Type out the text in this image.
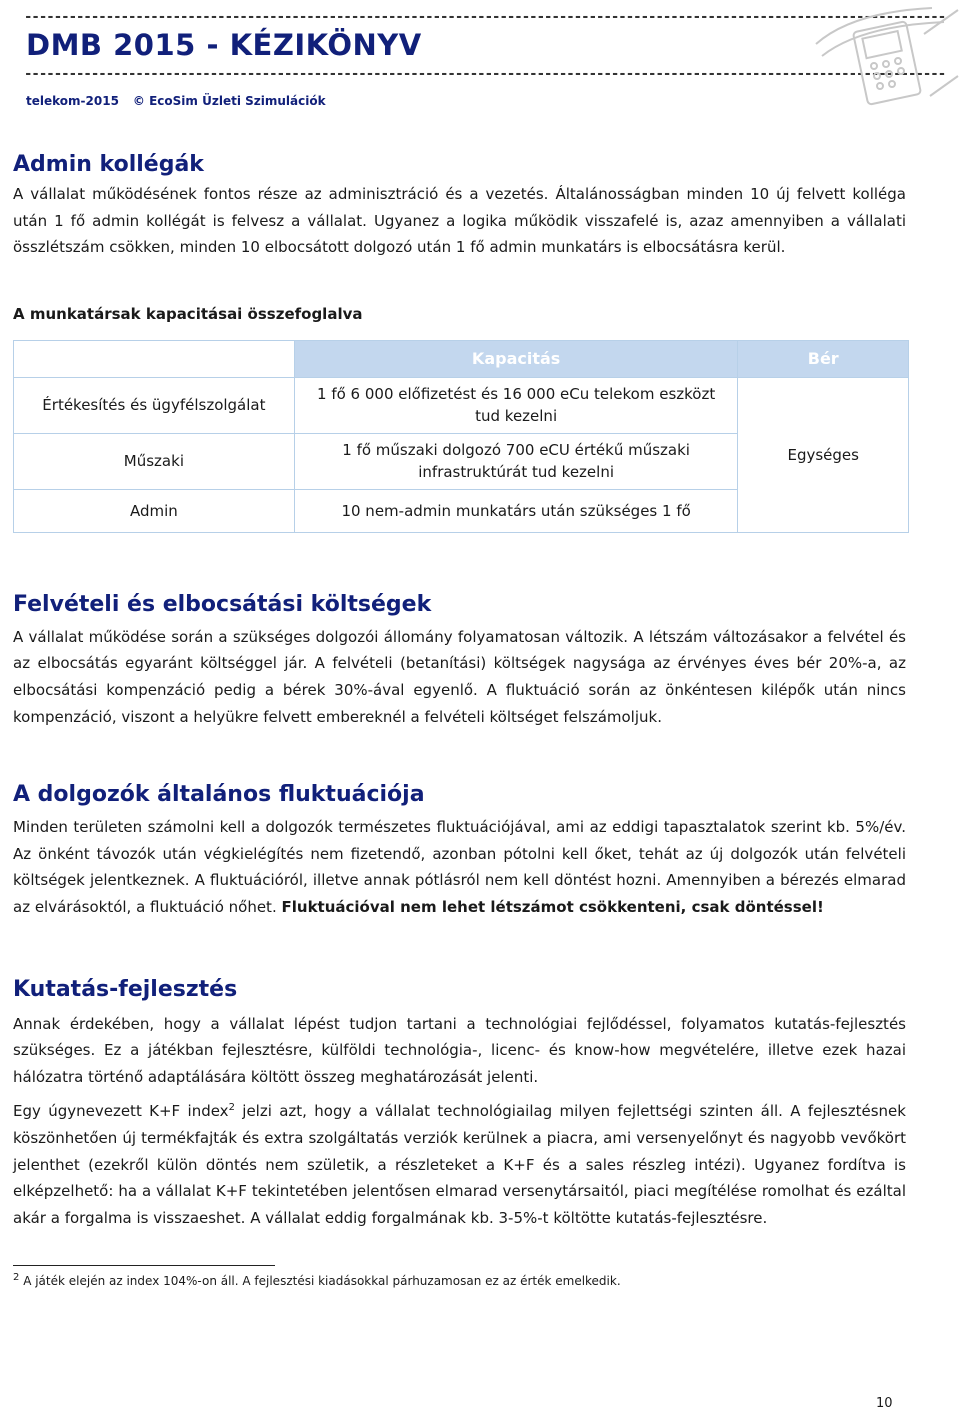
----------------------------------------------------------------------------------------------------------------------------
DMB 2015 - KÉZIKÖNYV
----------------------------------------------------------------------------------------------------------------------------
telekom-2015 © EcoSim Üzleti Szimulációk
Admin kollégák

A vállalat működésének fontos része az adminisztráció és a vezetés. Általánosságban minden 10 új felvett kolléga után 1 fő admin kollégát is felvesz a vállalat. Ugyanez a logika működik visszafelé is, azaz amennyiben a vállalati összlétszám csökken, minden 10 elbocsátott dolgozó után 1 fő admin munkatárs is elbocsátásra kerül.

A munkatársak kapacitásai összefoglalva
	Kapacitás	Bér
Értékesítés és ügyfélszolgálat	1 fő 6 000 előfizetést és 16 000 eCu telekom eszközt tud kezelni	Egységes
Műszaki	1 fő műszaki dolgozó 700 eCU értékű műszaki infrastruktúrát tud kezelni	
Admin	10 nem-admin munkatárs után szükséges 1 fő	
Felvételi és elbocsátási költségek

A vállalat működése során a szükséges dolgozói állomány folyamatosan változik. A létszám változásakor a felvétel és az elbocsátás egyaránt költséggel jár. A felvételi (betanítási) költségek nagysága az érvényes éves bér 20%-a, az elbocsátási kompenzáció pedig a bérek 30%-ával egyenlő. A fluktuáció során az önkéntesen kilépők után nincs kompenzáció, viszont a helyükre felvett embereknél a felvételi költséget felszámoljuk.

A dolgozók általános fluktuációja

Minden területen számolni kell a dolgozók természetes fluktuációjával, ami az eddigi tapasztalatok szerint kb. 5%/év. Az önként távozók után végkielégítés nem fizetendő, azonban pótolni kell őket, tehát az új dolgozók után felvételi költségek jelentkeznek. A fluktuációról, illetve annak pótlásról nem kell döntést hozni. Amennyiben a bérezés elmarad az elvárásoktól, a fluktuáció nőhet. Fluktuációval nem lehet létszámot csökkenteni, csak döntéssel!

Kutatás-fejlesztés

Annak érdekében, hogy a vállalat lépést tudjon tartani a technológiai fejlődéssel, folyamatos kutatás-fejlesztés szükséges. Ez a játékban fejlesztésre, külföldi technológia-, licenc- és know-how megvételére, illetve ezek hazai hálózatra történő adaptálására költött összeg meghatározását jelenti.

Egy úgynevezett K+F index$^2$ jelzi azt, hogy a vállalat technológiailag milyen fejlettségi szinten áll. A fejlesztésnek köszönhetően új termékfajták és extra szolgáltatás verziók kerülnek a piacra, ami versenyelőnyt és nagyobb vevőkört jelenthet (ezekről külön döntés nem születik, a részleteket a K+F és a sales részleg intézi). Ugyanez fordítva is elképzelhető: ha a vállalat K+F tekintetében jelentősen elmarad versenytársaitól, piaci megítélése romolhat és ezáltal akár a forgalma is visszaeshet. A vállalat eddig forgalmának kb. 3-5%-t költötte kutatás-fejlesztésre.

$^2$ A játék elején az index 104%-on áll. A fejlesztési kiadásokkal párhuzamosan ez az érték emelkedik.
10
